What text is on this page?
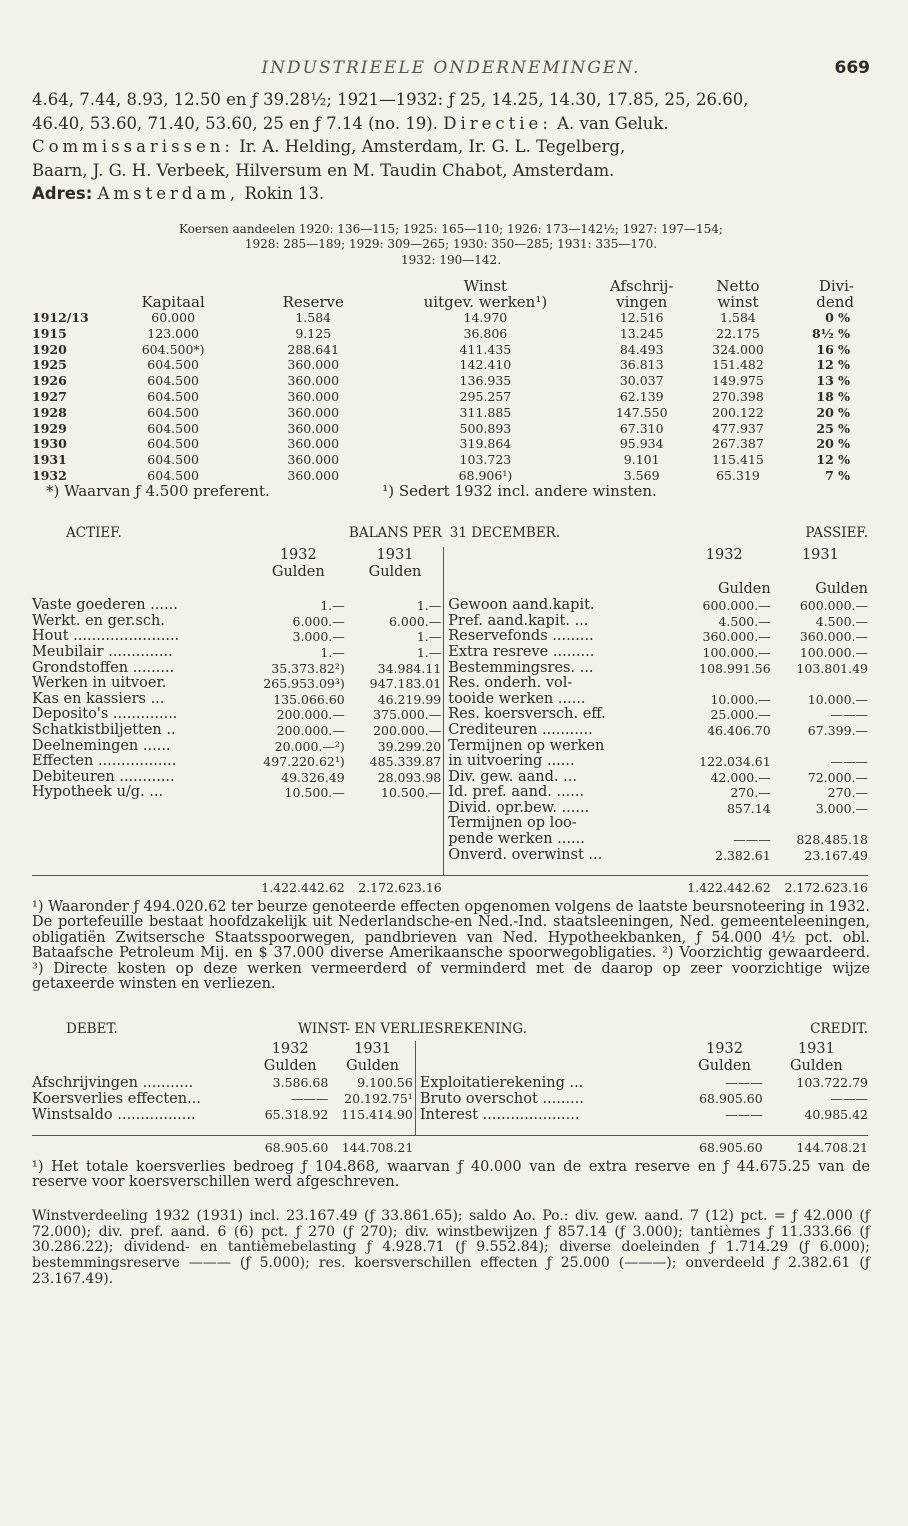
INDUSTRIEELE ONDERNEMINGEN.	669

4.64, 7.44, 8.93, 12.50 en ƒ 39.28½; 1921—1932: ƒ 25, 14.25, 14.30, 17.85, 25, 26.60,

46.40, 53.60, 71.40, 53.60, 25 en ƒ 7.14 (no. 19). Directie: A. van Geluk.

Commissarissen: Ir. A. Helding, Amsterdam, Ir. G. L. Tegelberg,

Baarn, J. G. H. Verbeek, Hilversum en M. Taudin Chabot, Amsterdam.

Adres: Amsterdam, Rokin 13.

Koersen aandeelen 1920: 136—115; 1925: 165—110; 1926: 173—142½; 1927: 197—154;
1928: 285—189; 1929: 309—265; 1930: 350—285; 1931: 335—170.
1932: 190—142.
			Winst	Afschrij-	Netto	Divi-
	Kapitaal	Reserve	uitgev. werken¹)	vingen	winst	dend
1912/13	60.000	1.584	14.970	12.516	1.584	0 %
1915	123.000	9.125	36.806	13.245	22.175	8½ %
1920	604.500*)	288.641	411.435	84.493	324.000	16 %
1925	604.500	360.000	142.410	36.813	151.482	12 %
1926	604.500	360.000	136.935	30.037	149.975	13 %
1927	604.500	360.000	295.257	62.139	270.398	18 %
1928	604.500	360.000	311.885	147.550	200.122	20 %
1929	604.500	360.000	500.893	67.310	477.937	25 %
1930	604.500	360.000	319.864	95.934	267.387	20 %
1931	604.500	360.000	103.723	9.101	115.415	12 %
1932	604.500	360.000	68.906¹)	3.569	65.319	7 %
*) Waarvan ƒ 4.500 preferent.			¹) Sedert 1932 incl. andere winsten.			
ACTIEF.	BALANS PER		31 DECEMBER.		PASSIEF.
	1932	1931		1932	1931
	Gulden	Gulden			
				Gulden	Gulden
Vaste goederen ......	1.—	1.—	Gewoon aand.kapit.	600.000.—	600.000.—
Werkt. en ger.sch.	6.000.—	6.000.—	Pref. aand.kapit. ...	4.500.—	4.500.—
Hout .......................	3.000.—	1.—	Reservefonds .........	360.000.—	360.000.—
Meubilair ..............	1.—	1.—	Extra resreve .........	100.000.—	100.000.—
Grondstoffen .........	35.373.82²)	34.984.11	Bestemmingsres. ...	108.991.56	103.801.49
Werken in uitvoer.	265.953.09³)	947.183.01	Res. onderh. vol-		
Kas en kassiers ...	135.066.60	46.219.99	tooide werken ......	10.000.—	10.000.—
Deposito's ..............	200.000.—	375.000.—	Res. koersversch. eff.	25.000.—	———
Schatkistbiljetten ..	200.000.—	200.000.—	Crediteuren ...........	46.406.70	67.399.—
Deelnemingen ......	20.000.—²)	39.299.20	Termijnen op werken		
Effecten .................	497.220.62¹)	485.339.87	in uitvoering ......	122.034.61	———
Debiteuren ............	49.326.49	28.093.98	Div. gew. aand. ...	42.000.—	72.000.—
Hypotheek u/g. ...	10.500.—	10.500.—	Id. pref. aand. ......	270.—	270.—
			Divid. opr.bew. ......	857.14	3.000.—
			Termijnen op loo-		
			pende werken ......	———	828.485.18
			Onverd. overwinst ...	2.382.61	23.167.49

	1.422.442.62	2.172.623.16		1.422.442.62	2.172.623.16
¹) Waaronder ƒ 494.020.62 ter beurze genoteerde effecten opgenomen volgens de laatste beursnoteering in 1932. De portefeuille bestaat hoofdzakelijk uit Nederlandsche-en Ned.-Ind. staatsleeningen, Ned. gemeenteleeningen, obligatiën Zwitsersche Staatsspoorwegen, pandbrieven van Ned. Hypotheekbanken, ƒ 54.000 4½ pct. obl. Bataafsche Petroleum Mij. en $ 37.000 diverse Amerikaansche spoorwegobligaties. ²) Voorzichtig gewaardeerd. ³) Directe kosten op deze werken vermeerderd of verminderd met de daarop op zeer voorzichtige wijze getaxeerde winsten en verliezen.
DEBET.	WINST- EN VERLIESREKENING.				CREDIT.
	1932	1931		1932	1931
	Gulden	Gulden		Gulden	Gulden
Afschrijvingen ...........	3.586.68	9.100.56	Exploitatierekening ...	———	103.722.79
Koersverlies effecten...	———	20.192.75¹	Bruto overschot .........	68.905.60	———
Winstsaldo .................	65.318.92	115.414.90	Interest .....................	———	40.985.42

	68.905.60	144.708.21		68.905.60	144.708.21
¹) Het totale koersverlies bedroeg ƒ 104.868, waarvan ƒ 40.000 van de extra reserve en ƒ 44.675.25 van de reserve voor koersverschillen werd afgeschreven.
Winstverdeeling 1932 (1931) incl. 23.167.49 (ƒ 33.861.65); saldo Ao. Po.: div. gew. aand. 7 (12) pct. = ƒ 42.000 (ƒ 72.000); div. pref. aand. 6 (6) pct. ƒ 270 (ƒ 270); div. winstbewijzen ƒ 857.14 (ƒ 3.000); tantièmes ƒ 11.333.66 (ƒ 30.286.22); dividend- en tantièmebelasting ƒ 4.928.71 (ƒ 9.552.84); diverse doeleinden ƒ 1.714.29 (ƒ 6.000); bestemmingsreserve ——— (ƒ 5.000); res. koersverschillen effecten ƒ 25.000 (———); onverdeeld ƒ 2.382.61 (ƒ 23.167.49).
